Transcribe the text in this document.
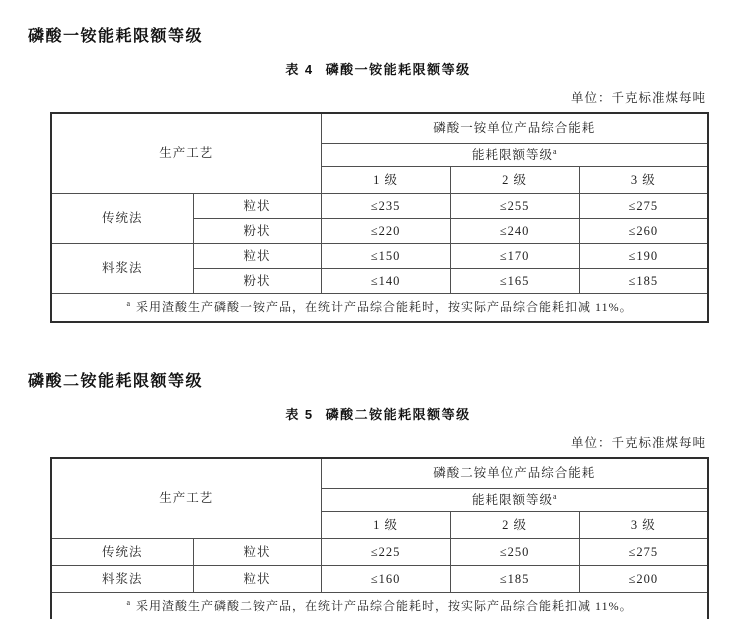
磷酸一铵能耗限额等级
表 4 磷酸一铵能耗限额等级
单位：千克标准煤每吨
生产工艺		磷酸一铵单位产品综合能耗		
		能耗限额等级$^a$
		1 级	2 级	3 级
传统法	粒状	≤235	≤255	≤275
	粉状	≤220	≤240	≤260
料浆法	粒状	≤150	≤170	≤190
	粉状	≤140	≤165	≤185
$^a$ 采用渣酸生产磷酸一铵产品，在统计产品综合能耗时，按实际产品综合能耗扣减 11%。				
磷酸二铵能耗限额等级
表 5 磷酸二铵能耗限额等级
单位：千克标准煤每吨
生产工艺		磷酸二铵单位产品综合能耗		
		能耗限额等级$^a$
		1 级	2 级	3 级
传统法	粒状	≤225	≤250	≤275
料浆法	粒状	≤160	≤185	≤200
$^a$ 采用渣酸生产磷酸二铵产品，在统计产品综合能耗时，按实际产品综合能耗扣减 11%。				
